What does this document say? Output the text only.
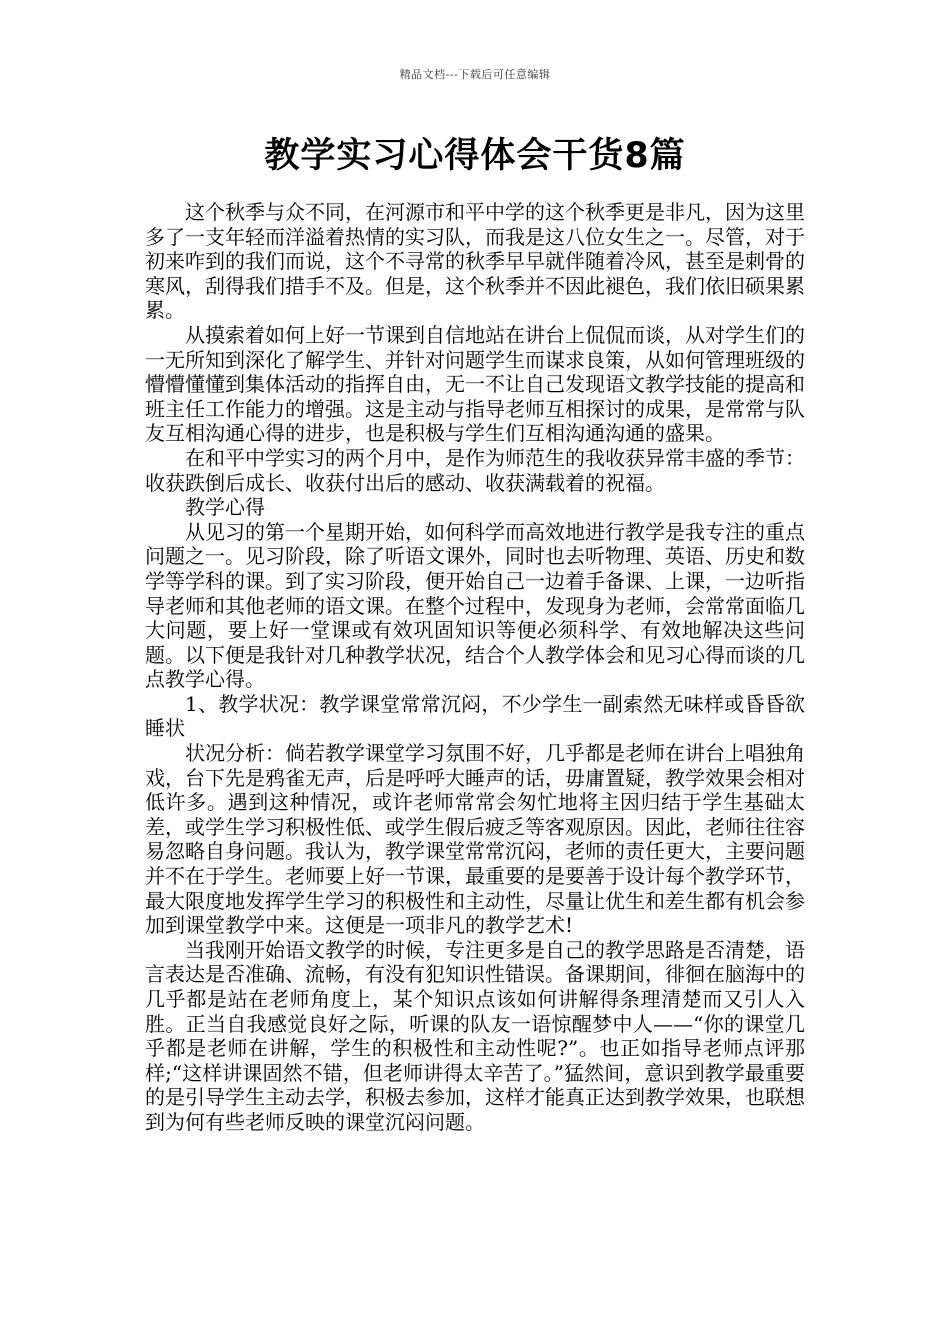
精品文档---下载后可任意编辑
教学实习心得体会干货8篇

这个秋季与众不同，在河源市和平中学的这个秋季更是非凡，因为这里多了一支年轻而洋溢着热情的实习队，而我是这八位女生之一。尽管，对于初来咋到的我们而说，这个不寻常的秋季早早就伴随着冷风，甚至是刺骨的寒风，刮得我们措手不及。但是，这个秋季并不因此褪色，我们依旧硕果累累。

从摸索着如何上好一节课到自信地站在讲台上侃侃而谈，从对学生们的一无所知到深化了解学生、并针对问题学生而谋求良策，从如何管理班级的懵懵懂懂到集体活动的指挥自由，无一不让自己发现语文教学技能的提高和班主任工作能力的增强。这是主动与指导老师互相探讨的成果，是常常与队友互相沟通心得的进步，也是积极与学生们互相沟通沟通的盛果。

在和平中学实习的两个月中，是作为师范生的我收获异常丰盛的季节：收获跌倒后成长、收获付出后的感动、收获满载着的祝福。

教学心得

从见习的第一个星期开始，如何科学而高效地进行教学是我专注的重点问题之一。见习阶段，除了听语文课外，同时也去听物理、英语、历史和数学等学科的课。到了实习阶段，便开始自己一边着手备课、上课，一边听指导老师和其他老师的语文课。在整个过程中，发现身为老师，会常常面临几大问题，要上好一堂课或有效巩固知识等便必须科学、有效地解决这些问题。以下便是我针对几种教学状况，结合个人教学体会和见习心得而谈的几点教学心得。

1、教学状况：教学课堂常常沉闷，不少学生一副索然无味样或昏昏欲睡状

状况分析：倘若教学课堂学习氛围不好，几乎都是老师在讲台上唱独角戏，台下先是鸦雀无声，后是呼呼大睡声的话，毋庸置疑，教学效果会相对低许多。遇到这种情况，或许老师常常会匆忙地将主因归结于学生基础太差，或学生学习积极性低、或学生假后疲乏等客观原因。因此，老师往往容易忽略自身问题。我认为，教学课堂常常沉闷，老师的责任更大，主要问题并不在于学生。老师要上好一节课，最重要的是要善于设计每个教学环节，最大限度地发挥学生学习的积极性和主动性，尽量让优生和差生都有机会参加到课堂教学中来。这便是一项非凡的教学艺术!

当我刚开始语文教学的时候，专注更多是自己的教学思路是否清楚，语言表达是否准确、流畅，有没有犯知识性错误。备课期间，徘徊在脑海中的几乎都是站在老师角度上，某个知识点该如何讲解得条理清楚而又引人入胜。正当自我感觉良好之际，听课的队友一语惊醒梦中人——“你的课堂几乎都是老师在讲解，学生的积极性和主动性呢?”。也正如指导老师点评那样;“这样讲课固然不错，但老师讲得太辛苦了。”猛然间，意识到教学最重要的是引导学生主动去学，积极去参加，这样才能真正达到教学效果，也联想到为何有些老师反映的课堂沉闷问题。
